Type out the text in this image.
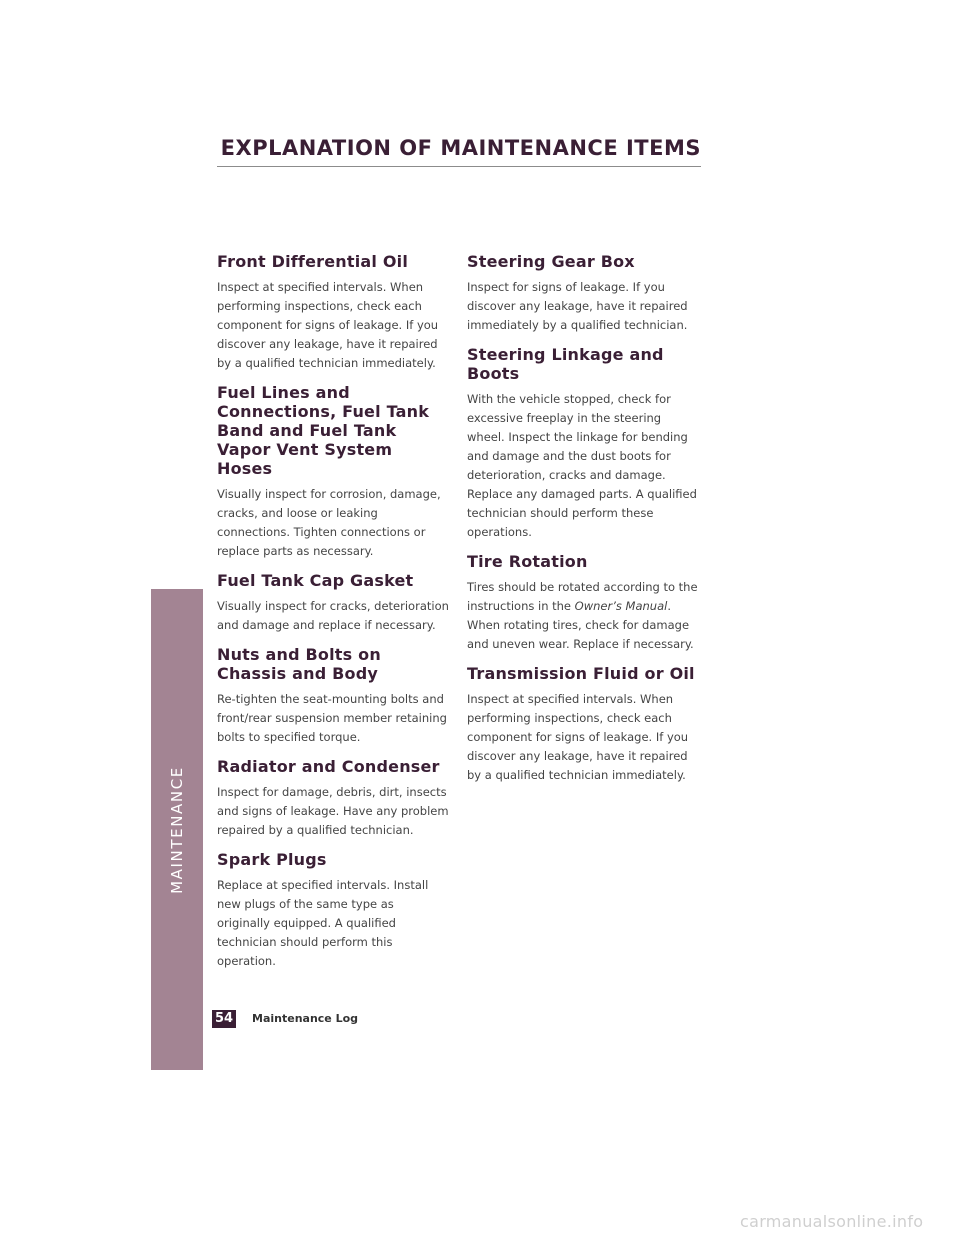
MAINTENANCE
EXPLANATION OF MAINTENANCE ITEMS
Front Differential Oil

Inspect at specified intervals. When performing inspections, check each component for signs of leakage. If you discover any leakage, have it repaired by a qualified technician immediately.

Fuel Lines and Connections, Fuel Tank Band and Fuel Tank Vapor Vent System Hoses

Visually inspect for corrosion, damage, cracks, and loose or leaking connections. Tighten connections or replace parts as necessary.

Fuel Tank Cap Gasket

Visually inspect for cracks, deterioration and damage and replace if necessary.

Nuts and Bolts on Chassis and Body

Re-tighten the seat-mounting bolts and front/rear suspension member retaining bolts to specified torque.

Radiator and Condenser

Inspect for damage, debris, dirt, insects and signs of leakage. Have any problem repaired by a qualified technician.

Spark Plugs

Replace at specified intervals. Install new plugs of the same type as originally equipped. A qualified technician should perform this operation.

Steering Gear Box

Inspect for signs of leakage. If you discover any leakage, have it repaired immediately by a qualified technician.

Steering Linkage and Boots

With the vehicle stopped, check for excessive freeplay in the steering wheel. Inspect the linkage for bending and damage and the dust boots for deterioration, cracks and damage. Replace any damaged parts. A qualified technician should perform these operations.

Tire Rotation

Tires should be rotated according to the instructions in the Owner’s Manual. When rotating tires, check for damage and uneven wear. Replace if necessary.

Transmission Fluid or Oil

Inspect at specified intervals. When performing inspections, check each component for signs of leakage. If you discover any leakage, have it repaired by a qualified technician immediately.

54 Maintenance Log
carmanualsonline.info
